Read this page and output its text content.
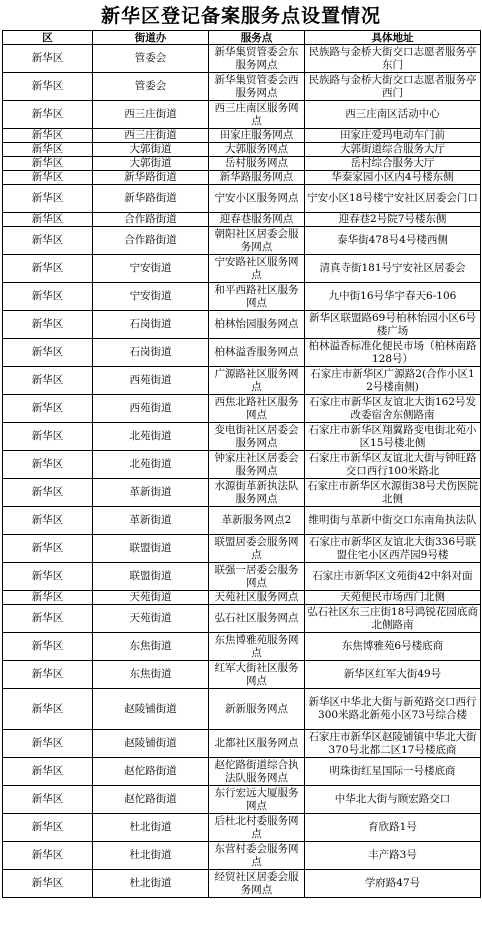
新华区登记备案服务点设置情况
区	街道办	服务点	具体地址
新华区	管委会	新华集贸管委会东服务网点	民族路与金桥大街交口志愿者服务亭东门
新华区	管委会	新华集贸管委会西服务网点	民族路与金桥大街交口志愿者服务亭西门
新华区	西三庄街道	西三庄南区服务网点	西三庄南区活动中心
新华区	西三庄街道	田家庄服务网点	田家庄爱玛电动车门前
新华区	大郭街道	大郭服务网点	大郭街道综合服务大厅
新华区	大郭街道	岳村服务网点	岳村综合服务大厅
新华区	新华路街道	新华路服务网点	华泰家园小区内4号楼东侧
新华区	新华路街道	宁安小区服务网点	宁安小区18号楼宁安社区居委会门口
新华区	合作路街道	迎春巷服务网点	迎春巷2号院7号楼东侧
新华区	合作路街道	朝阳社区居委会服务网点	泰华街478号4号楼西侧
新华区	宁安街道	宁安路社区服务网点	清真寺街181号宁安社区居委会
新华区	宁安街道	和平西路社区服务网点	九中街16号华宇春天6-106
新华区	石岗街道	柏林怡园服务网点	新华区联盟路69号柏林怡园小区6号楼广场
新华区	石岗街道	柏林溢香服务网点	柏林溢香标准化便民市场（柏林南路128号）
新华区	西苑街道	广源路社区服务网点	石家庄市新华区广源路2(合作小区12号楼南侧)
新华区	西苑街道	西焦北路社区服务网点	石家庄市新华区友谊北大街162号发改委宿舍东侧路南
新华区	北苑街道	变电街社区居委会服务网点	石家庄市新华区翔翼路变电街北苑小区15号楼北侧
新华区	北苑街道	钟家庄社区居委会服务网点	石家庄市新华区友谊北大街与钟旺路交口西行100米路北
新华区	革新街道	水源街革新执法队服务网点	石家庄市新华区水源街38号犬伤医院北侧
新华区	革新街道	革新服务网点2	维明街与革新中街交口东南角执法队
新华区	联盟街道	联盟居委会服务网点	石家庄市新华区友谊北大街336号联盟住宅小区西芹园9号楼
新华区	联盟街道	联强一居委会服务网点	石家庄市新华区文苑街42中斜对面
新华区	天苑街道	天苑社区服务网点	天苑便民市场西门北侧
新华区	天苑街道	弘石社区服务网点	弘石社区东三庄街18号鸿锐花园底商北侧路南
新华区	东焦街道	东焦博雅苑服务网点	东焦博雅苑6号楼底商
新华区	东焦街道	红军大街社区服务网点	新华区红军大街49号
新华区	赵陵铺街道	新新服务网点	新华区中华北大街与新苑路交口西行300米路北新苑小区73号综合楼
新华区	赵陵铺街道	北都社区服务网点	石家庄市新华区赵陵铺镇中华北大街370号北都二区17号楼底商
新华区	赵佗路街道	赵佗路街道综合执法队服务网点	明珠街红星国际一号楼底商
新华区	赵佗路街道	东行宏远大厦服务网点	中华北大街与顾宏路交口
新华区	杜北街道	后杜北村委服务网点	育欣路1号
新华区	杜北街道	东营村委会服务网点	丰产路3号
新华区	杜北街道	经贸社区居委会服务网点	学府路47号
